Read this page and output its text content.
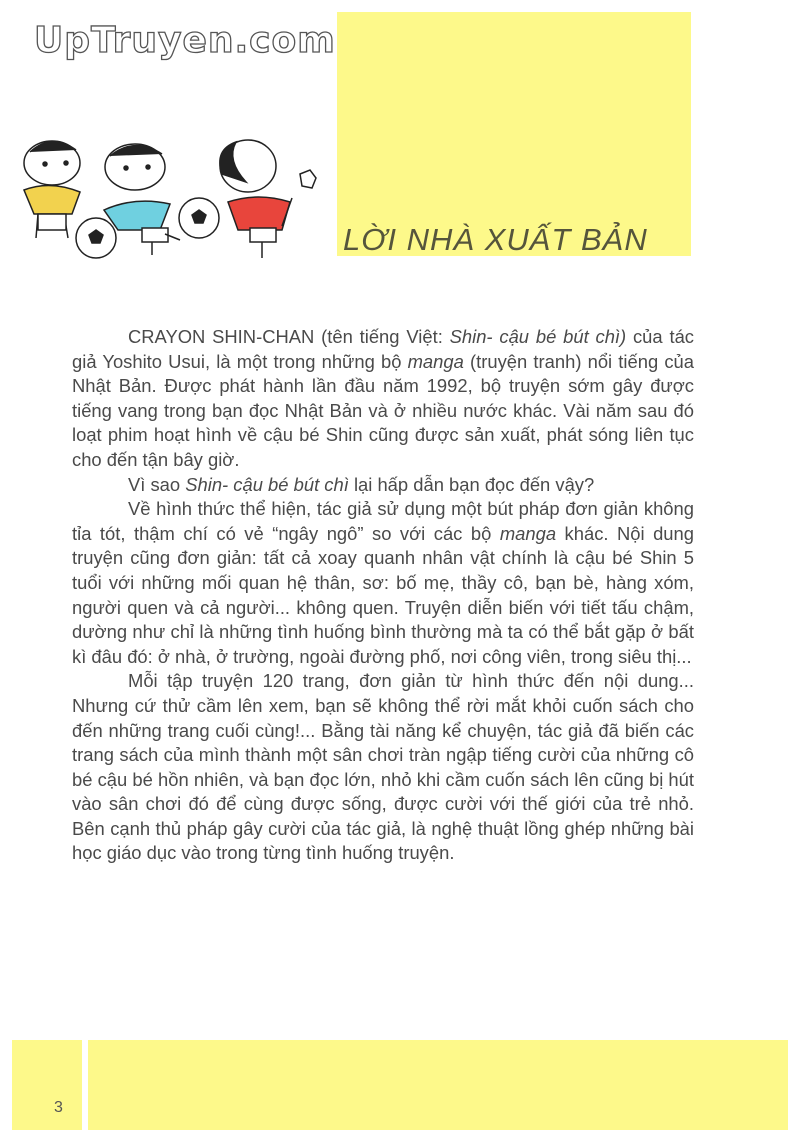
UpTruyen.com
LỜI NHÀ XUẤT BẢN

CRAYON SHIN-CHAN (tên tiếng Việt: Shin- cậu bé bút chì) của tác giả Yoshito Usui, là một trong những bộ manga (truyện tranh) nổi tiếng của Nhật Bản. Được phát hành lần đầu năm 1992, bộ truyện sớm gây được tiếng vang trong bạn đọc Nhật Bản và ở nhiều nước khác. Vài năm sau đó loạt phim hoạt hình về cậu bé Shin cũng được sản xuất, phát sóng liên tục cho đến tận bây giờ.

Vì sao Shin- cậu bé bút chì lại hấp dẫn bạn đọc đến vậy?

Về hình thức thể hiện, tác giả sử dụng một bút pháp đơn giản không tỉa tót, thậm chí có vẻ “ngây ngô” so với các bộ manga khác. Nội dung truyện cũng đơn giản: tất cả xoay quanh nhân vật chính là cậu bé Shin 5 tuổi với những mối quan hệ thân, sơ: bố mẹ, thầy cô, bạn bè, hàng xóm, người quen và cả người... không quen. Truyện diễn biến với tiết tấu chậm, dường như chỉ là những tình huống bình thường mà ta có thể bắt gặp ở bất kì đâu đó: ở nhà, ở trường, ngoài đường phố, nơi công viên, trong siêu thị...

Mỗi tập truyện 120 trang, đơn giản từ hình thức đến nội dung... Nhưng cứ thử cầm lên xem, bạn sẽ không thể rời mắt khỏi cuốn sách cho đến những trang cuối cùng!... Bằng tài năng kể chuyện, tác giả đã biến các trang sách của mình thành một sân chơi tràn ngập tiếng cười của những cô bé cậu bé hồn nhiên, và bạn đọc lớn, nhỏ khi cầm cuốn sách lên cũng bị hút vào sân chơi đó để cùng được sống, được cười với thế giới của trẻ nhỏ. Bên cạnh thủ pháp gây cười của tác giả, là nghệ thuật lồng ghép những bài học giáo dục vào trong từng tình huống truyện.

3
